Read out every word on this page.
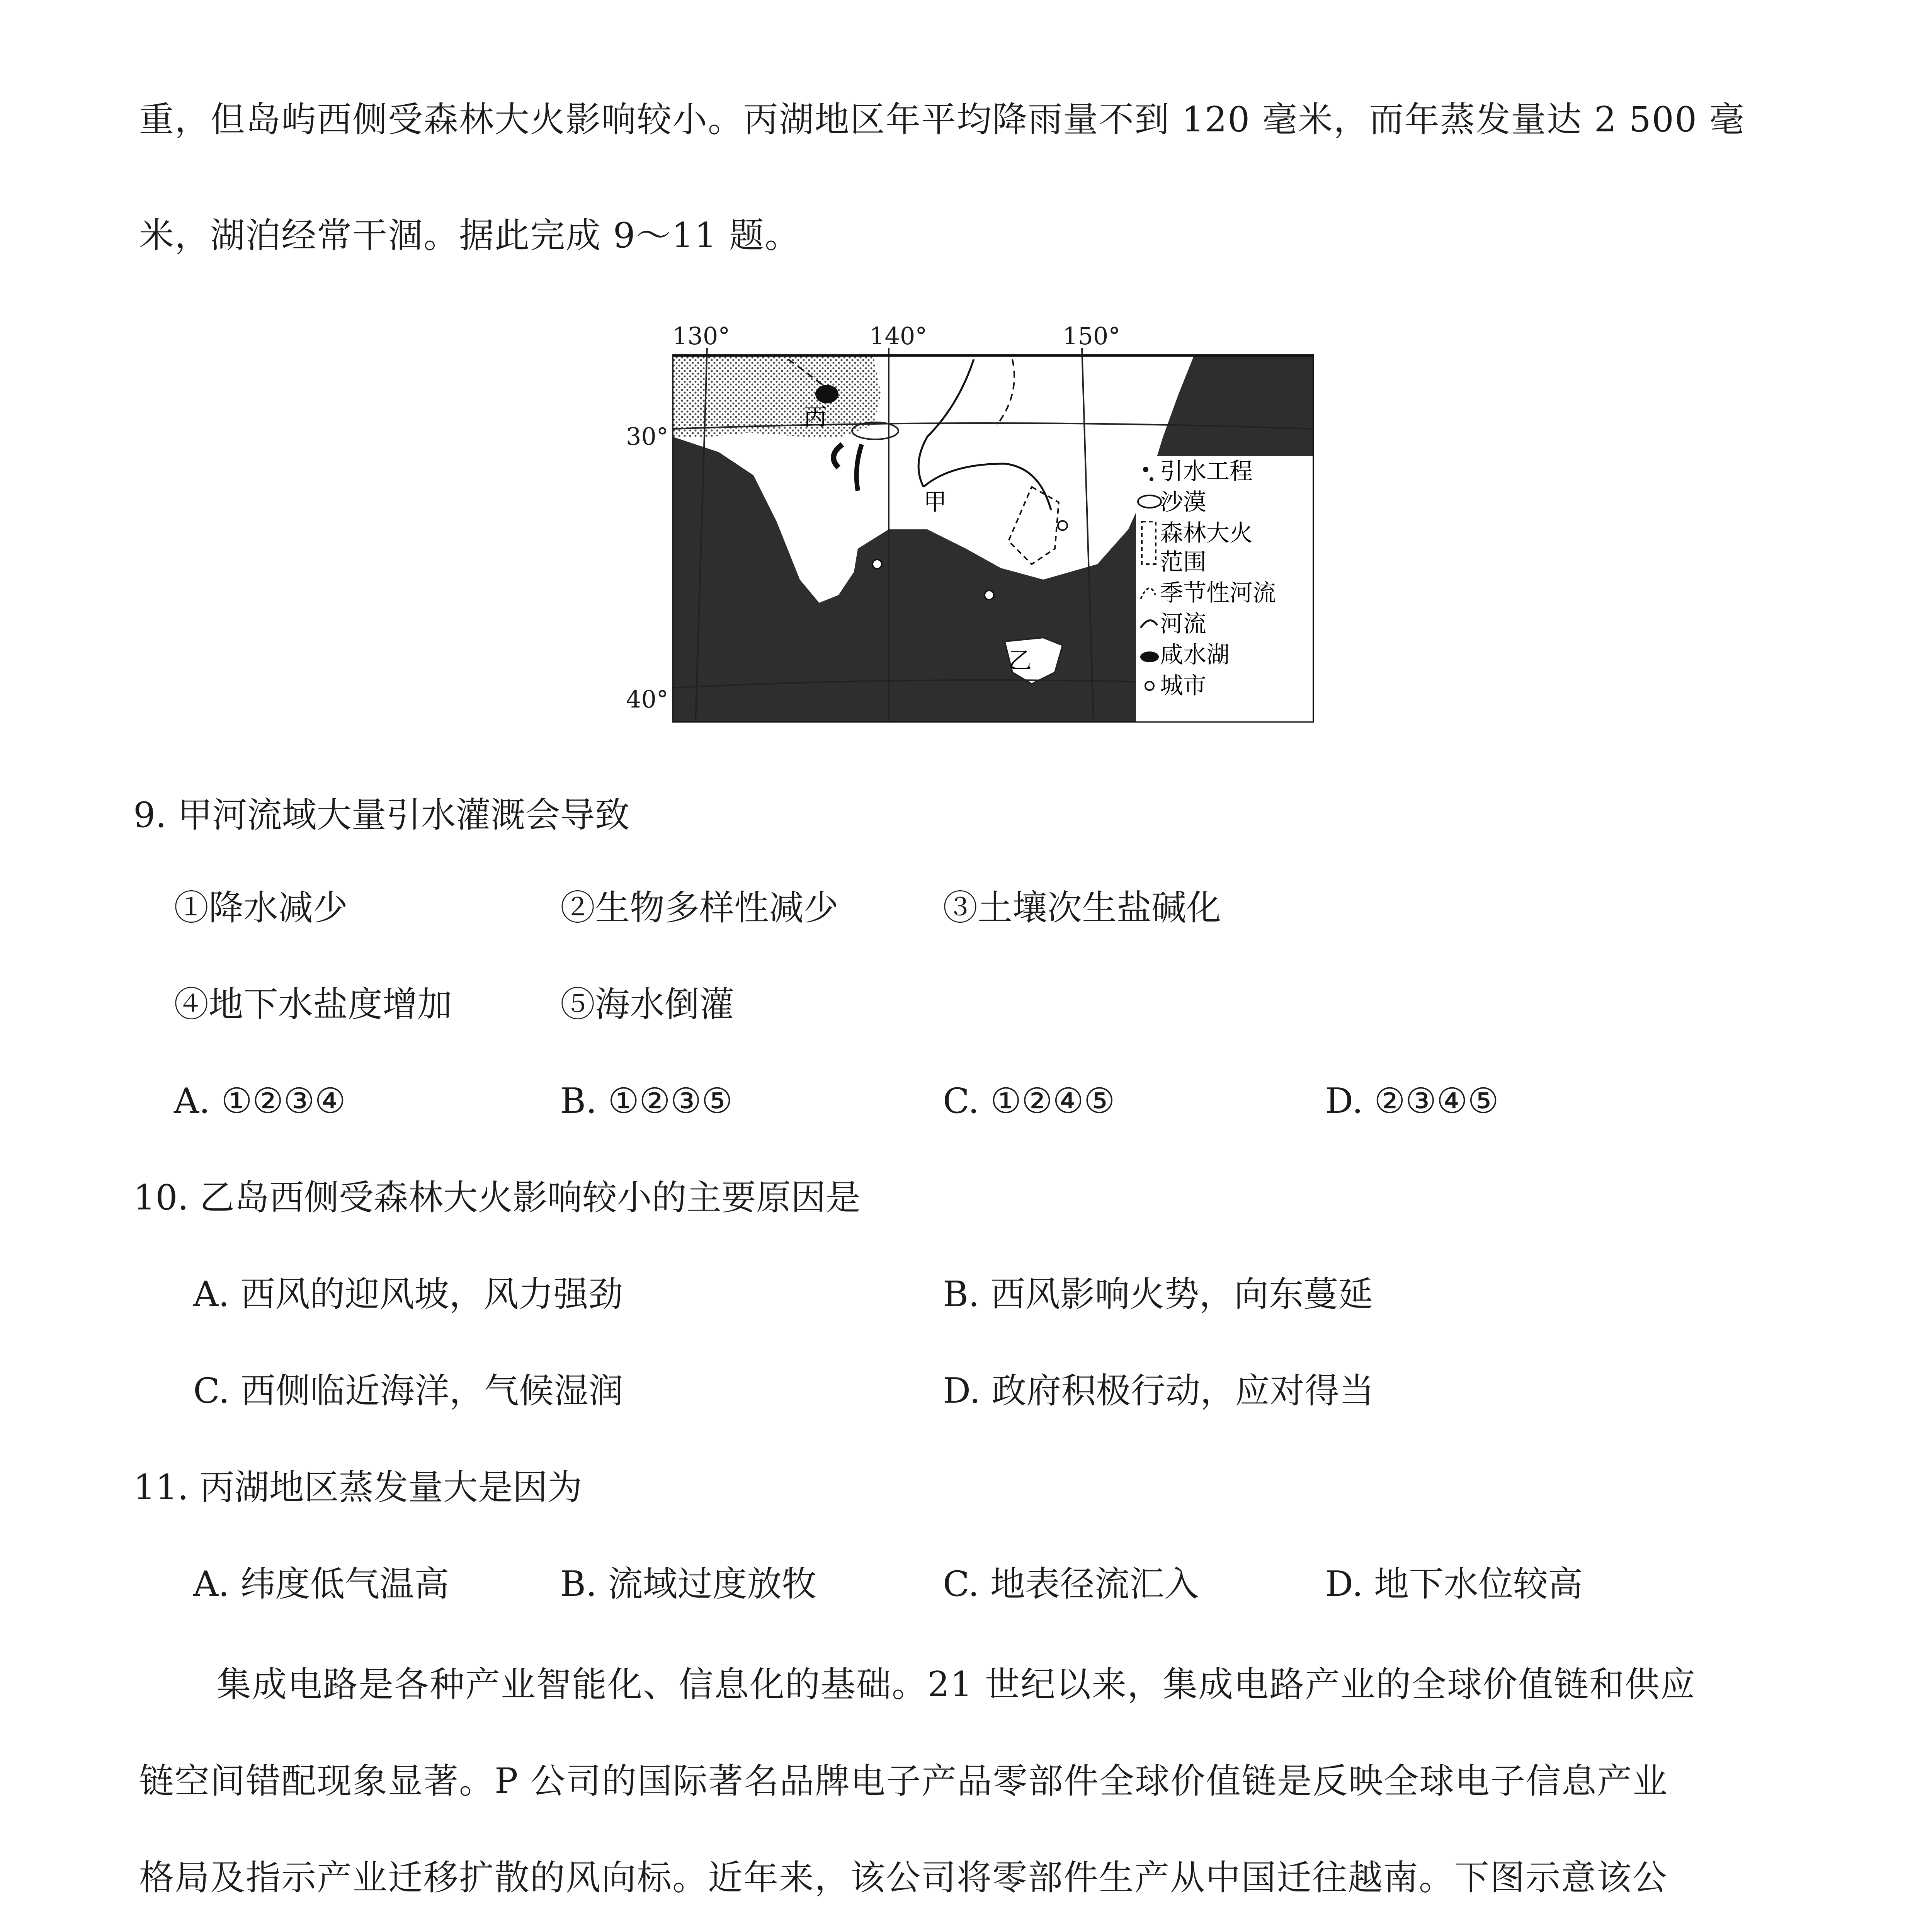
重，但岛屿西侧受森林大火影响较小。丙湖地区年平均降雨量不到 120 毫米，而年蒸发量达 2 500 毫
米，湖泊经常干涸。据此完成 9～11 题。
丙
甲
乙
引水工程
沙漠
森林大火
范围
季节性河流
河流
咸水湖
城市
130°	140°	150°
30°
40°
9. 甲河流域大量引水灌溉会导致
①降水减少	②生物多样性减少	③土壤次生盐碱化
④地下水盐度增加	⑤海水倒灌
A. ①②③④	B. ①②③⑤	C. ①②④⑤	D. ②③④⑤
10. 乙岛西侧受森林大火影响较小的主要原因是
A. 西风的迎风坡，风力强劲	B. 西风影响火势，向东蔓延
C. 西侧临近海洋，气候湿润	D. 政府积极行动，应对得当
11. 丙湖地区蒸发量大是因为
A. 纬度低气温高	B. 流域过度放牧	C. 地表径流汇入	D. 地下水位较高
集成电路是各种产业智能化、信息化的基础。21 世纪以来，集成电路产业的全球价值链和供应
链空间错配现象显著。P 公司的国际著名品牌电子产品零部件全球价值链是反映全球电子信息产业
格局及指示产业迁移扩散的风向标。近年来，该公司将零部件生产从中国迁往越南。下图示意该公
